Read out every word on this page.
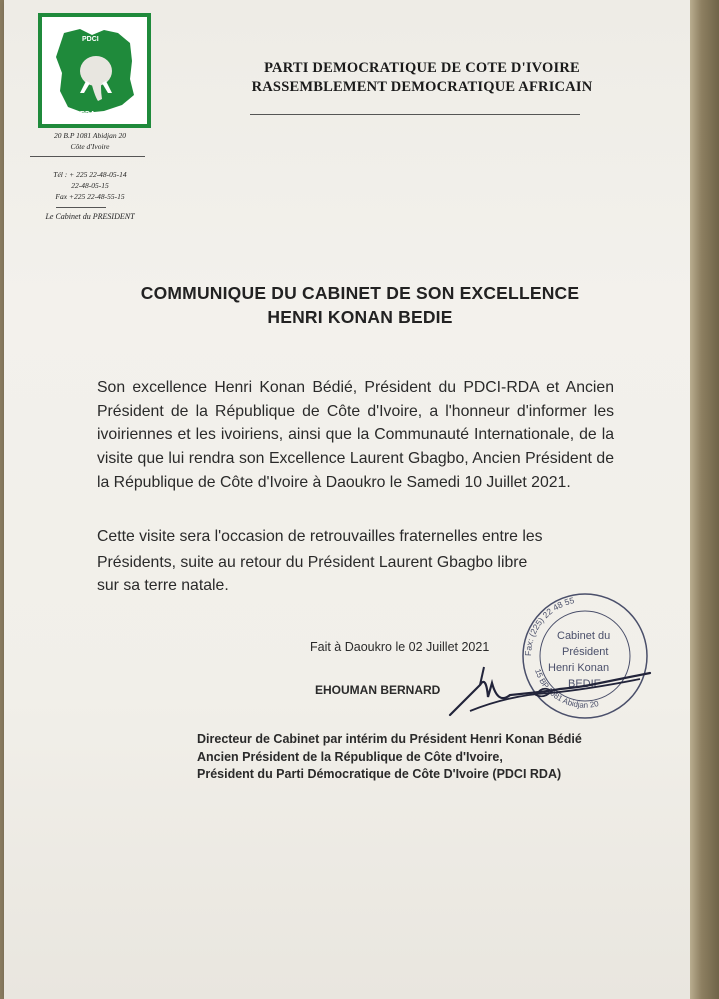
PDCI
RDA
20 B.P 1081 Abidjan 20
Côte d'Ivoire
Tél : + 225 22-48-05-14
22-48-05-15
Fax +225 22-48-55-15
Le Cabinet du PRESIDENT
PARTI DEMOCRATIQUE DE COTE D'IVOIRE
RASSEMBLEMENT DEMOCRATIQUE AFRICAIN
COMMUNIQUE DU CABINET DE SON EXCELLENCE
HENRI KONAN BEDIE
Son excellence Henri Konan Bédié, Président du PDCI-RDA et Ancien Président de la République de Côte d'Ivoire, a l'honneur d'informer les ivoiriennes et les ivoiriens, ainsi que la Communauté Internationale, de la visite que lui rendra son Excellence Laurent Gbagbo, Ancien Président de la République de Côte d'Ivoire à Daoukro le Samedi 10 Juillet 2021.
Cette visite sera l'occasion de retrouvailles fraternelles entre les
Présidents, suite au retour du Président Laurent Gbagbo libre
sur sa terre natale.
Fait à Daoukro le 02 Juillet 2021
EHOUMAN BERNARD
Fax: (225) 22 48 55
15 BP 1081 Abidjan 20
Cabinet du
Président
Henri Konan
BEDIE
Directeur de Cabinet par intérim du Président Henri Konan Bédié
Ancien Président de la République de Côte d'Ivoire,
Président du Parti Démocratique de Côte D'Ivoire (PDCI RDA)
